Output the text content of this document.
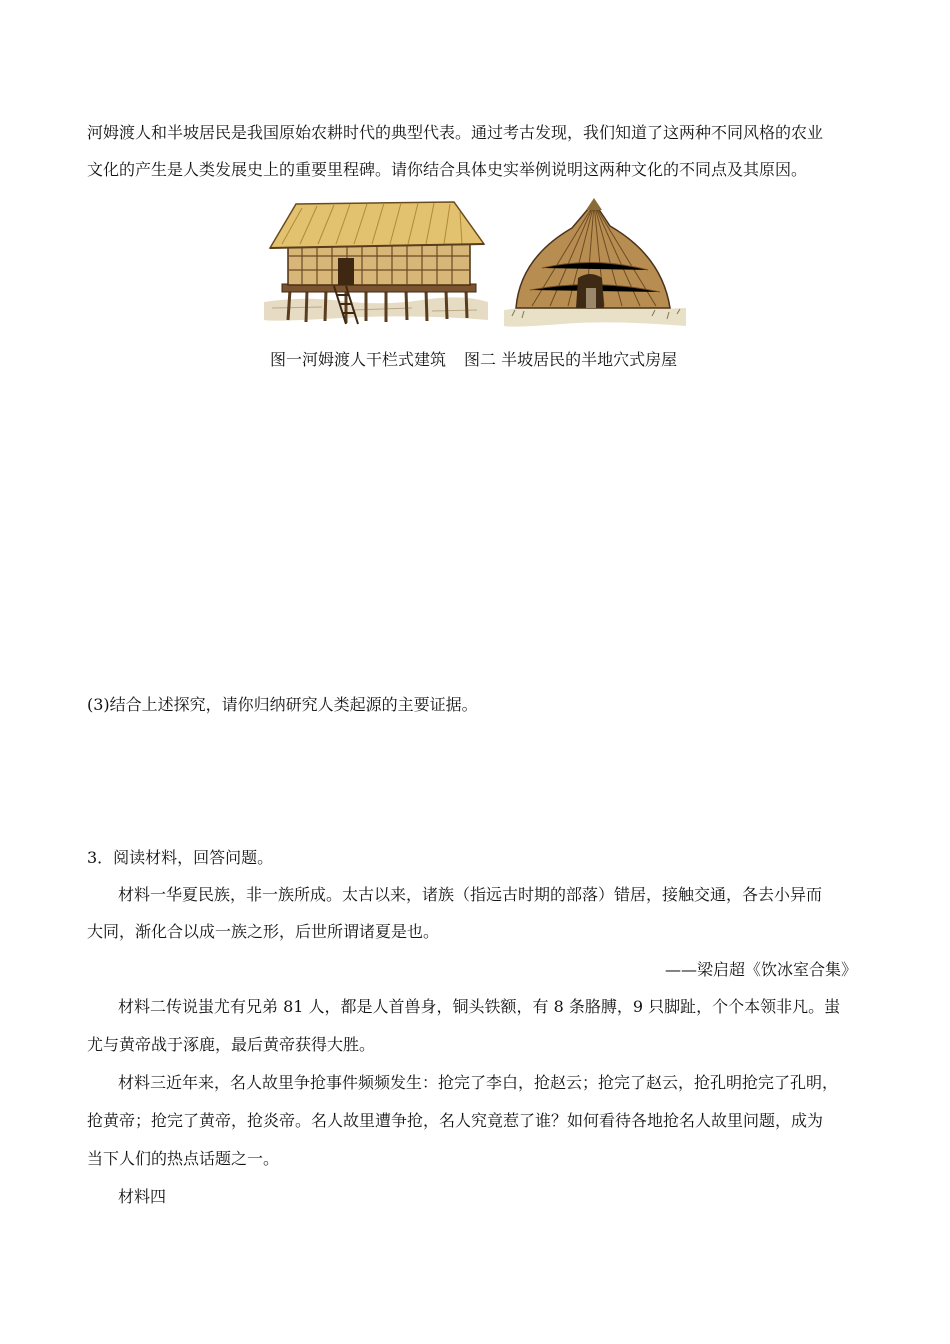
河姆渡人和半坡居民是我国原始农耕时代的典型代表。通过考古发现，我们知道了这两种不同风格的农业
文化的产生是人类发展史上的重要里程碑。请你结合具体史实举例说明这两种文化的不同点及其原因。
图一河姆渡人干栏式建筑 图二 半坡居民的半地穴式房屋
(3)结合上述探究，请你归纳研究人类起源的主要证据。
3．阅读材料，回答问题。
材料一华夏民族，非一族所成。太古以来，诸族（指远古时期的部落）错居，接触交通，各去小异而
大同，渐化合以成一族之形，后世所谓诸夏是也。
——梁启超《饮冰室合集》
材料二传说蚩尤有兄弟 81 人，都是人首兽身，铜头铁额，有 8 条胳膊，9 只脚趾，个个本领非凡。蚩
尤与黄帝战于涿鹿，最后黄帝获得大胜。
材料三近年来，名人故里争抢事件频频发生：抢完了李白，抢赵云；抢完了赵云，抢孔明抢完了孔明，
抢黄帝；抢完了黄帝，抢炎帝。名人故里遭争抢，名人究竟惹了谁？如何看待各地抢名人故里问题，成为
当下人们的热点话题之一。
材料四
